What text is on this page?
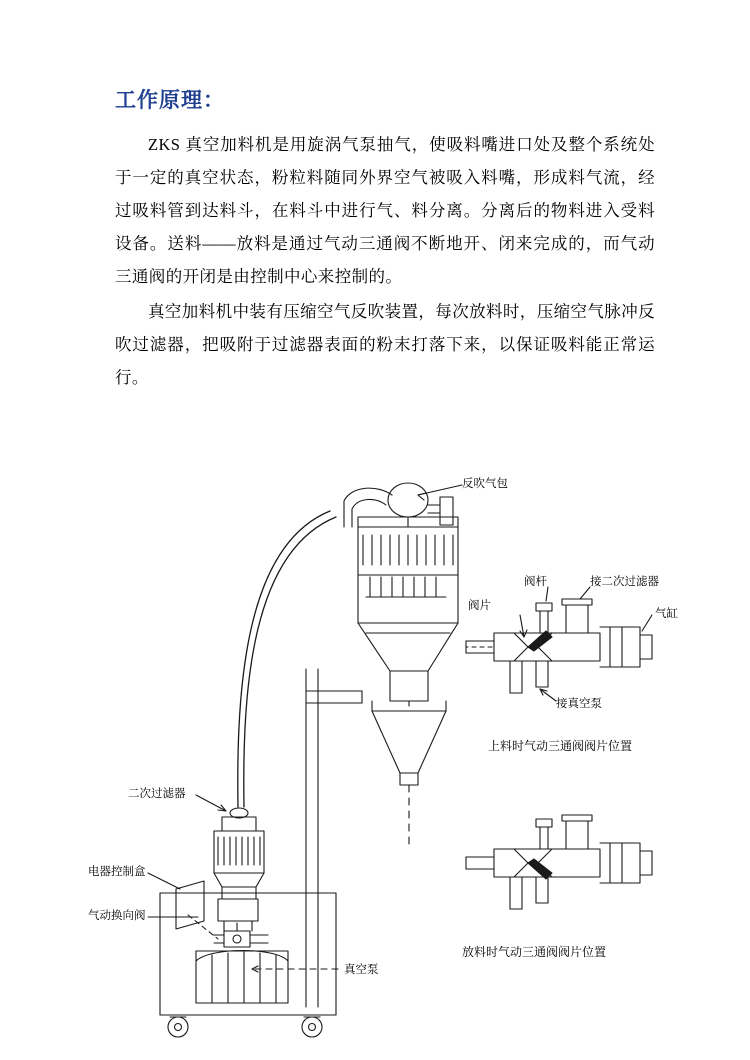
工作原理：

ZKS 真空加料机是用旋涡气泵抽气，使吸料嘴进口处及整个系统处于一定的真空状态，粉粒料随同外界空气被吸入料嘴，形成料气流，经过吸料管到达料斗，在料斗中进行气、料分离。分离后的物料进入受料设备。送料——放料是通过气动三通阀不断地开、闭来完成的，而气动三通阀的开闭是由控制中心来控制的。

真空加料机中装有压缩空气反吹装置，每次放料时，压缩空气脉冲反吹过滤器，把吸附于过滤器表面的粉末打落下来，以保证吸料能正常运行。

反吹气包
阀片
阀杆	接二次过滤器
气缸
接真空泵
二次过滤器
电器控制盒
气动换向阀
真空泵
上料时气动三通阀阀片位置
放料时气动三通阀阀片位置
